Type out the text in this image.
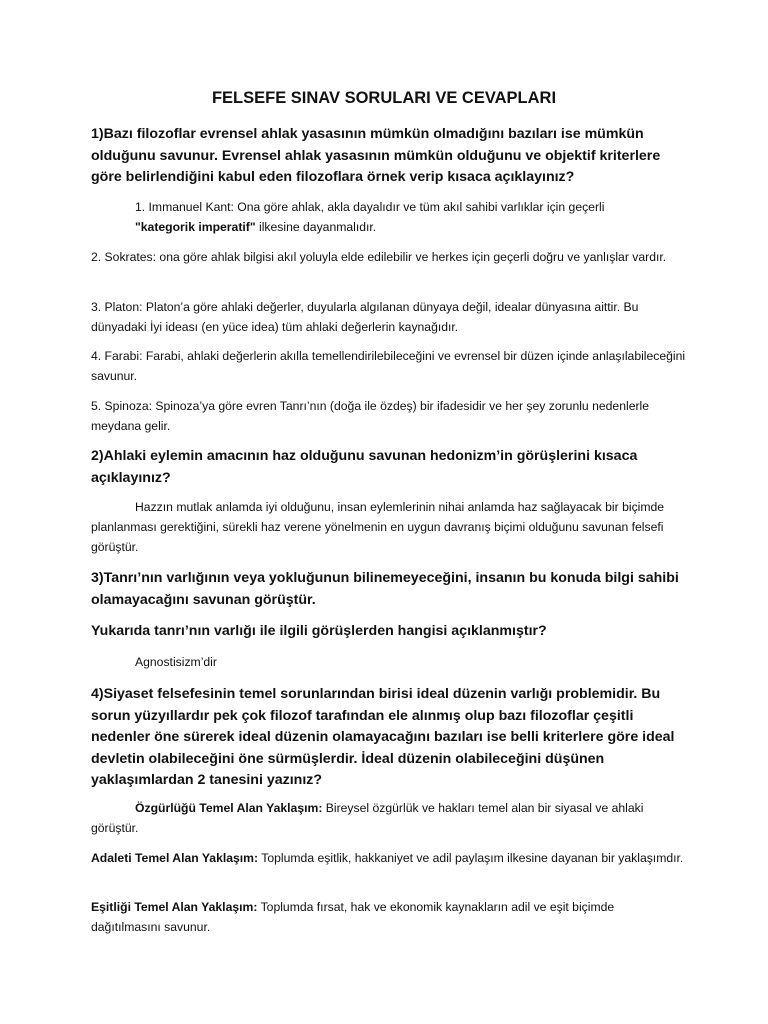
FELSEFE SINAV SORULARI VE CEVAPLARI

1)Bazı filozoflar evrensel ahlak yasasının mümkün olmadığını bazıları ise mümkün olduğunu savunur. Evrensel ahlak yasasının mümkün olduğunu ve objektif kriterlere göre belirlendiğini kabul eden filozoflara örnek verip kısaca açıklayınız?

1. Immanuel Kant: Ona göre ahlak, akla dayalıdır ve tüm akıl sahibi varlıklar için geçerli
"kategorik imperatif" ilkesine dayanmalıdır.

2. Sokrates: ona göre ahlak bilgisi akıl yoluyla elde edilebilir ve herkes için geçerli doğru ve yanlışlar vardır.

3. Platon: Platon’a göre ahlaki değerler, duyularla algılanan dünyaya değil, idealar dünyasına aittir. Bu dünyadaki İyi ideası (en yüce idea) tüm ahlaki değerlerin kaynağıdır.

4. Farabi: Farabi, ahlaki değerlerin akılla temellendirilebileceğini ve evrensel bir düzen içinde anlaşılabileceğini savunur.

5. Spinoza: Spinoza’ya göre evren Tanrı’nın (doğa ile özdeş) bir ifadesidir ve her şey zorunlu nedenlerle meydana gelir.

2)Ahlaki eylemin amacının haz olduğunu savunan hedonizm’in görüşlerini kısaca açıklayınız?

Hazzın mutlak anlamda iyi olduğunu, insan eylemlerinin nihai anlamda haz sağlayacak bir biçimde planlanması gerektiğini, sürekli haz verene yönelmenin en uygun davranış biçimi olduğunu savunan felsefi görüştür.

3)Tanrı’nın varlığının veya yokluğunun bilinemeyeceğini, insanın bu konuda bilgi sahibi olamayacağını savunan görüştür.

Yukarıda tanrı’nın varlığı ile ilgili görüşlerden hangisi açıklanmıştır?

Agnostisizm’dir

4)Siyaset felsefesinin temel sorunlarından birisi ideal düzenin varlığı problemidir. Bu sorun yüzyıllardır pek çok filozof tarafından ele alınmış olup bazı filozoflar çeşitli nedenler öne sürerek ideal düzenin olamayacağını bazıları ise belli kriterlere göre ideal devletin olabileceğini öne sürmüşlerdir. İdeal düzenin olabileceğini düşünen yaklaşımlardan 2 tanesini yazınız?

Özgürlüğü Temel Alan Yaklaşım: Bireysel özgürlük ve hakları temel alan bir siyasal ve ahlaki görüştür.

Adaleti Temel Alan Yaklaşım: Toplumda eşitlik, hakkaniyet ve adil paylaşım ilkesine dayanan bir yaklaşımdır.

Eşitliği Temel Alan Yaklaşım: Toplumda fırsat, hak ve ekonomik kaynakların adil ve eşit biçimde dağıtılmasını savunur.
